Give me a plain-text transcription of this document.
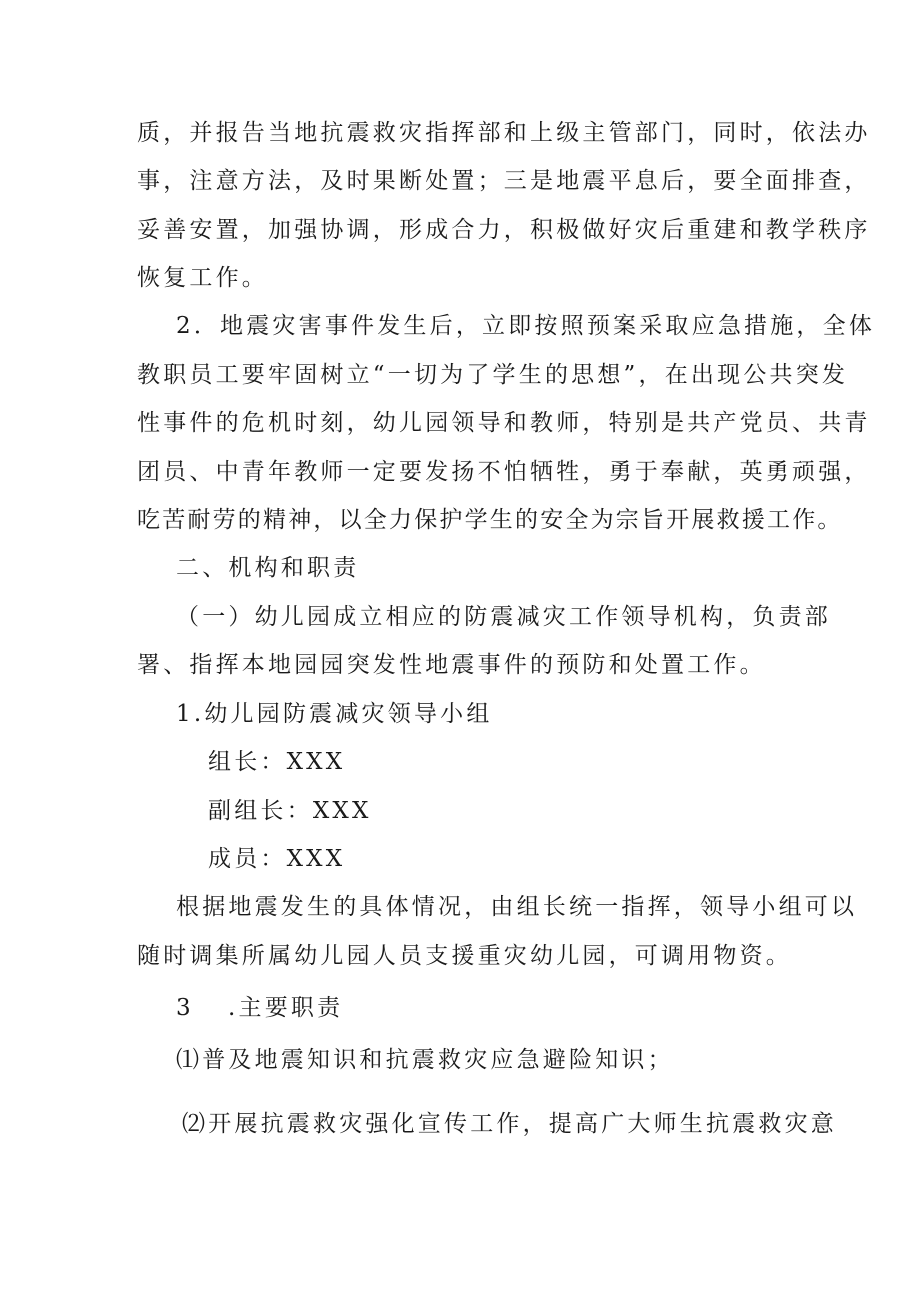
质，并报告当地抗震救灾指挥部和上级主管部门，同时，依法办
事，注意方法，及时果断处置；三是地震平息后，要全面排查，
妥善安置，加强协调，形成合力，积极做好灾后重建和教学秩序
恢复工作。
2．地震灾害事件发生后，立即按照预案采取应急措施，全体
教职员工要牢固树立“一切为了学生的思想”，在出现公共突发
性事件的危机时刻，幼儿园领导和教师，特别是共产党员、共青
团员、中青年教师一定要发扬不怕牺牲，勇于奉献，英勇顽强，
吃苦耐劳的精神，以全力保护学生的安全为宗旨开展救援工作。
二、机构和职责
（一）幼儿园成立相应的防震减灾工作领导机构，负责部
署、指挥本地园园突发性地震事件的预防和处置工作。
1.幼儿园防震减灾领导小组
组长：XXX
副组长：XXX
成员：XXX
根据地震发生的具体情况，由组长统一指挥，领导小组可以
随时调集所属幼儿园人员支援重灾幼儿园，可调用物资。
3 .主要职责
⑴普及地震知识和抗震救灾应急避险知识；
⑵开展抗震救灾强化宣传工作，提高广大师生抗震救灾意
